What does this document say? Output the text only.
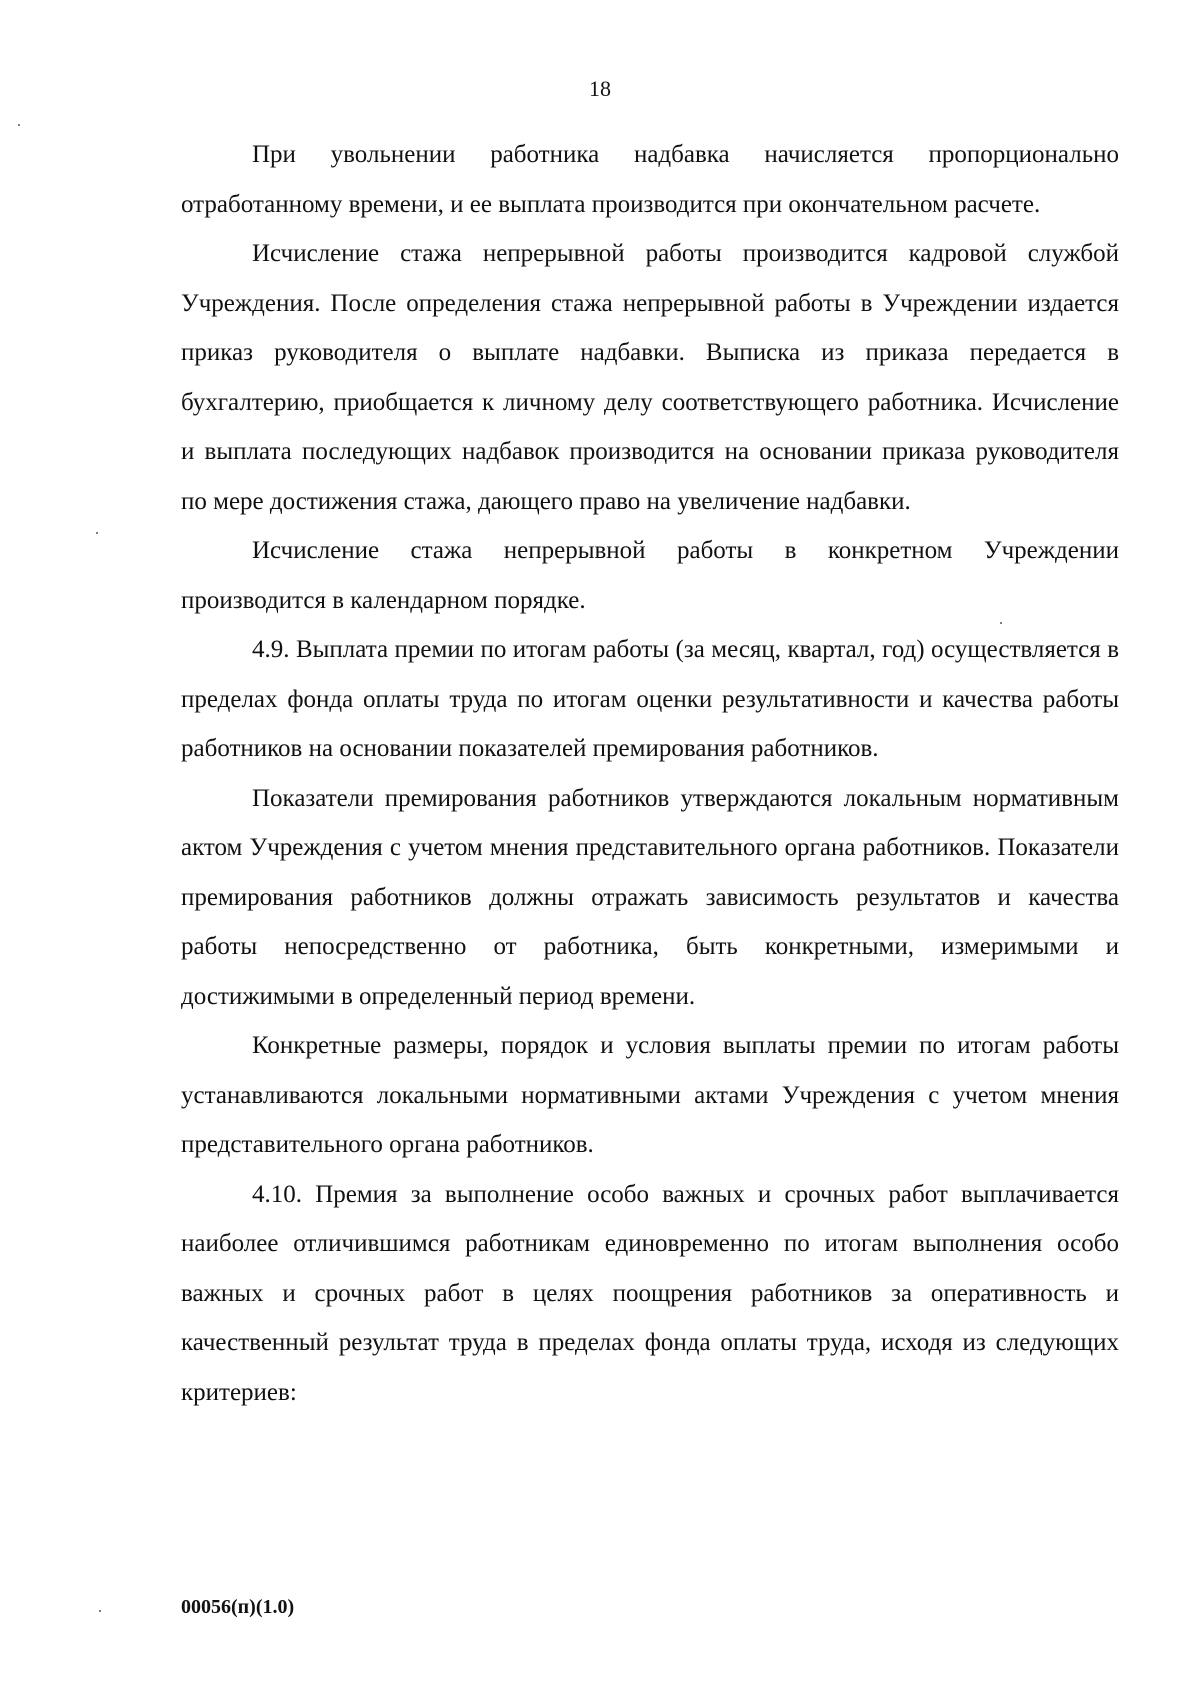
18

При увольнении работника надбавка начисляется пропорционально отработанному времени, и ее выплата производится при окончательном расчете.

Исчисление стажа непрерывной работы производится кадровой службой Учреждения. После определения стажа непрерывной работы в Учреждении издается приказ руководителя о выплате надбавки. Выписка из приказа передается в бухгалтерию, приобщается к личному делу соответствующего работника. Исчисление и выплата последующих надбавок производится на основании приказа руководителя по мере достижения стажа, дающего право на увеличение надбавки.

Исчисление стажа непрерывной работы в конкретном Учреждении производится в календарном порядке.

4.9. Выплата премии по итогам работы (за месяц, квартал, год) осуществляется в пределах фонда оплаты труда по итогам оценки результативности и качества работы работников на основании показателей премирования работников.

Показатели премирования работников утверждаются локальным нормативным актом Учреждения с учетом мнения представительного органа работников. Показатели премирования работников должны отражать зависимость результатов и качества работы непосредственно от работника, быть конкретными, измеримыми и достижимыми в определенный период времени.

Конкретные размеры, порядок и условия выплаты премии по итогам работы устанавливаются локальными нормативными актами Учреждения с учетом мнения представительного органа работников.

4.10. Премия за выполнение особо важных и срочных работ выплачивается наиболее отличившимся работникам единовременно по итогам выполнения особо важных и срочных работ в целях поощрения работников за оперативность и качественный результат труда в пределах фонда оплаты труда, исходя из следующих критериев:

00056(п)(1.0)
